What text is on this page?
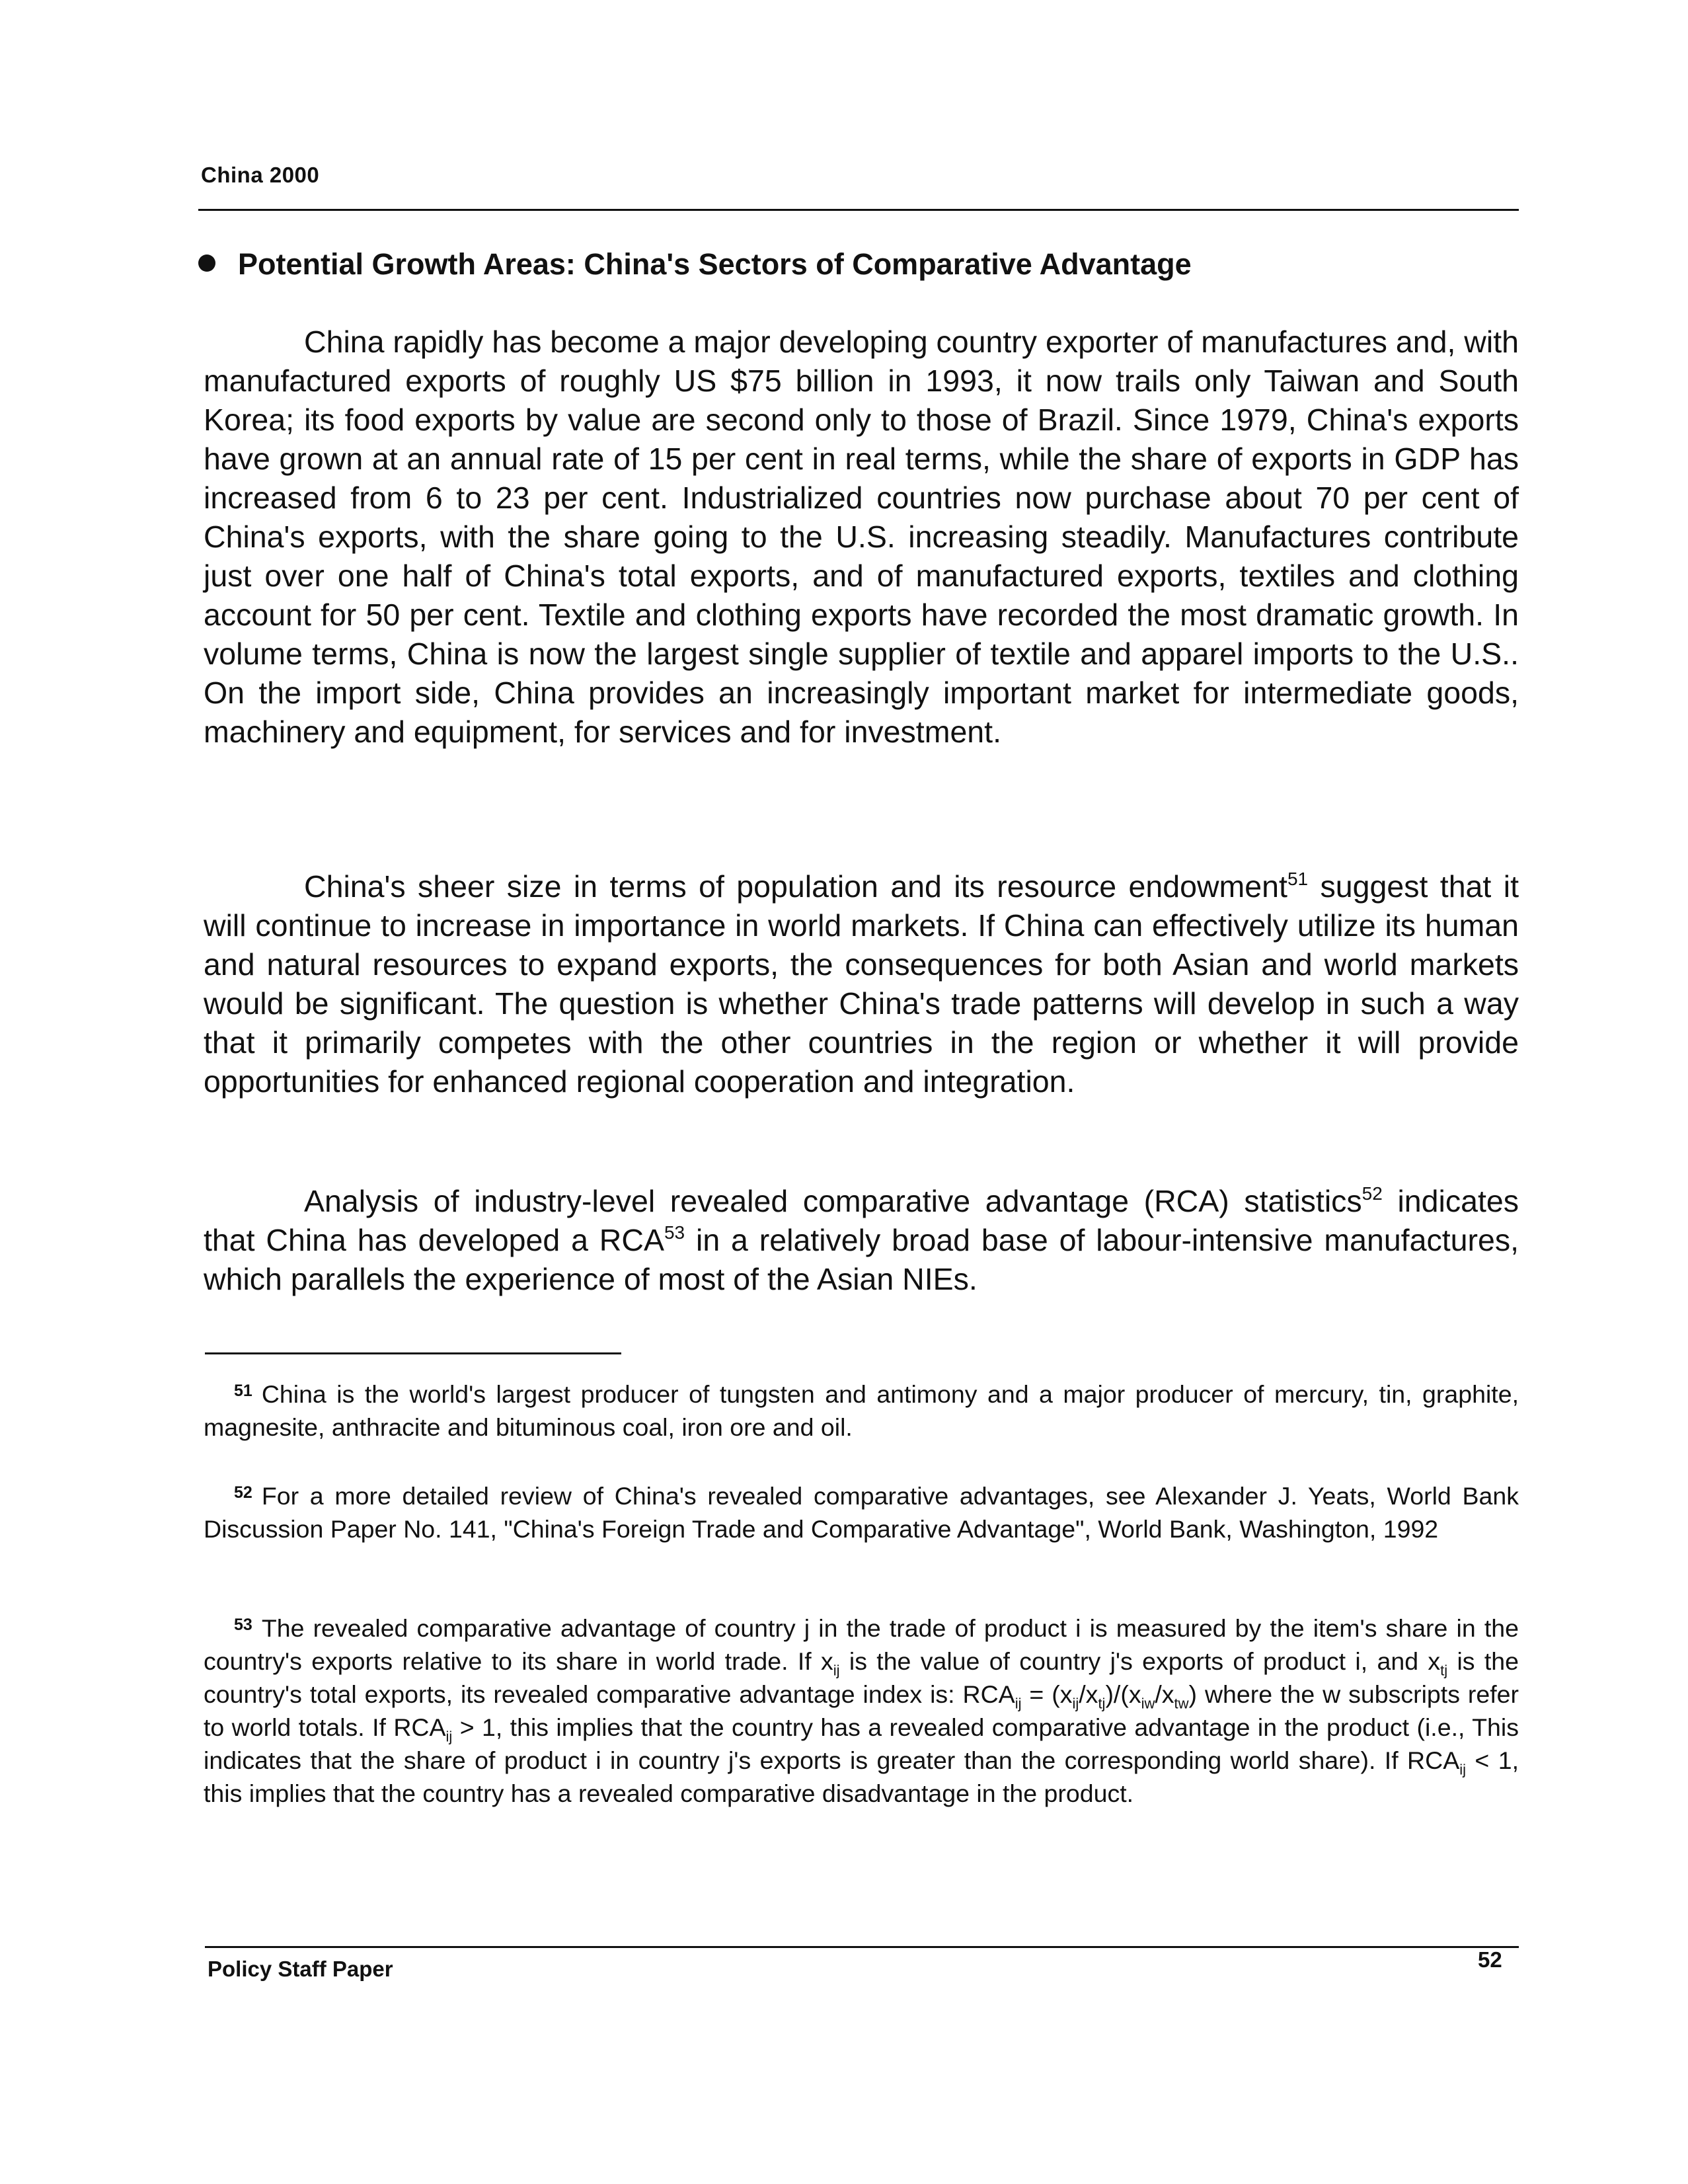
China 2000
Potential Growth Areas: China's Sectors of Comparative Advantage

China rapidly has become a major developing country exporter of manufactures and, with manufactured exports of roughly US $75 billion in 1993, it now trails only Taiwan and South Korea; its food exports by value are second only to those of Brazil. Since 1979, China's exports have grown at an annual rate of 15 per cent in real terms, while the share of exports in GDP has increased from 6 to 23 per cent. Industrialized countries now purchase about 70 per cent of China's exports, with the share going to the U.S. increasing steadily. Manufactures contribute just over one half of China's total exports, and of manufactured exports, textiles and clothing account for 50 per cent. Textile and clothing exports have recorded the most dramatic growth. In volume terms, China is now the largest single supplier of textile and apparel imports to the U.S.. On the import side, China provides an increasingly important market for intermediate goods, machinery and equipment, for services and for investment.

China's sheer size in terms of population and its resource endowment$^{51}$ suggest that it will continue to increase in importance in world markets. If China can effectively utilize its human and natural resources to expand exports, the consequences for both Asian and world markets would be significant. The question is whether China's trade patterns will develop in such a way that it primarily competes with the other countries in the region or whether it will provide opportunities for enhanced regional cooperation and integration.

Analysis of industry-level revealed comparative advantage (RCA) statistics$^{52}$ indicates that China has developed a RCA$^{53}$ in a relatively broad base of labour-intensive manufactures, which parallels the experience of most of the Asian NIEs.

$^{51}$ China is the world's largest producer of tungsten and antimony and a major producer of mercury, tin, graphite, magnesite, anthracite and bituminous coal, iron ore and oil.

$^{52}$ For a more detailed review of China's revealed comparative advantages, see Alexander J. Yeats, World Bank Discussion Paper No. 141, "China's Foreign Trade and Comparative Advantage", World Bank, Washington, 1992

$^{53}$ The revealed comparative advantage of country j in the trade of product i is measured by the item's share in the country's exports relative to its share in world trade. If $x_{ij}$ is the value of country j's exports of product i, and $x_{tj}$ is the country's total exports, its revealed comparative advantage index is: $RCA_{ij} = (x_{ij}/x_{tj})/(x_{iw}/x_{tw})$ where the w subscripts refer to world totals. If $RCA_{ij} > 1$, this implies that the country has a revealed comparative advantage in the product (i.e., This indicates that the share of product i in country j's exports is greater than the corresponding world share). If $RCA_{ij} < 1$, this implies that the country has a revealed comparative disadvantage in the product.

Policy Staff Paper	52
